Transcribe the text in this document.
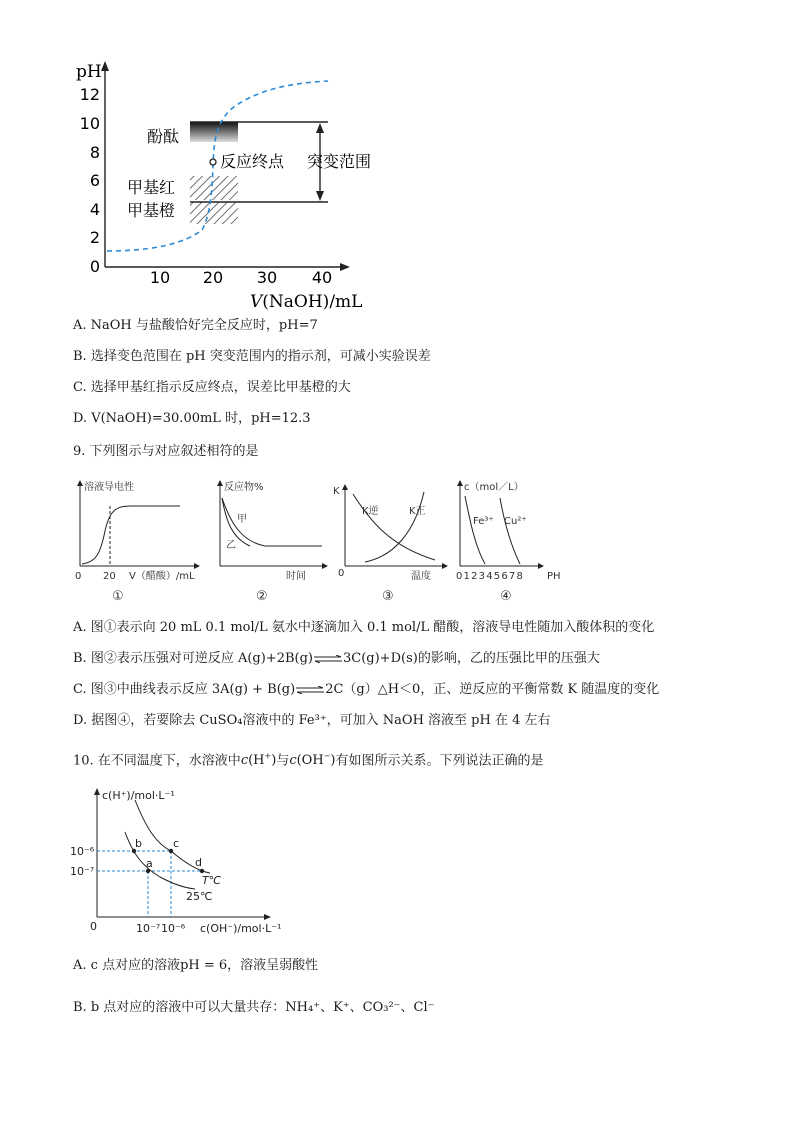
pH
0
2
4
6
8
10
12
10 20 30 40
V(NaOH)/mL
酚酞
反应终点 突变范围
甲基红
甲基橙
A. NaOH 与盐酸恰好完全反应时，pH=7
B. 选择变色范围在 pH 突变范围内的指示剂，可减小实验误差
C. 选择甲基红指示反应终点，误差比甲基橙的大
D. V(NaOH)=30.00mL 时，pH=12.3
9. 下列图示与对应叙述相符的是
溶液导电性
0 20 V（醋酸）/mL
①
反应物%
甲
乙
时间
②
K
K逆	K正
0	温度
③
c（mol／L）
Fe³⁺ Cu²⁺
012345678 PH
④
A. 图①表示向 20 mL 0.1 mol/L 氨水中逐滴加入 0.1 mol/L 醋酸，溶液导电性随加入酸体积的变化
B. 图②表示压强对可逆反应 A(g)+2B(g)⇌3C(g)+D(s)的影响，乙的压强比甲的压强大
C. 图③中曲线表示反应 3A(g) + B(g)⇌2C（g）△H＜0，正、逆反应的平衡常数 K 随温度的变化
D. 据图④，若要除去 CuSO₄溶液中的 Fe³⁺，可加入 NaOH 溶液至 pH 在 4 左右
10. 在不同温度下，水溶液中c(H+)与c(OH−)有如图所示关系。下列说法正确的是
a
b	c
d
T℃
25℃
c(H⁺)/mol·L⁻¹
10⁻⁶
10⁻⁷
0	10⁻⁷ 10⁻⁶ c(OH⁻)/mol·L⁻¹
A. c 点对应的溶液pH = 6，溶液呈弱酸性
B. b 点对应的溶液中可以大量共存：NH₄⁺、K⁺、CO₃²⁻、Cl⁻
